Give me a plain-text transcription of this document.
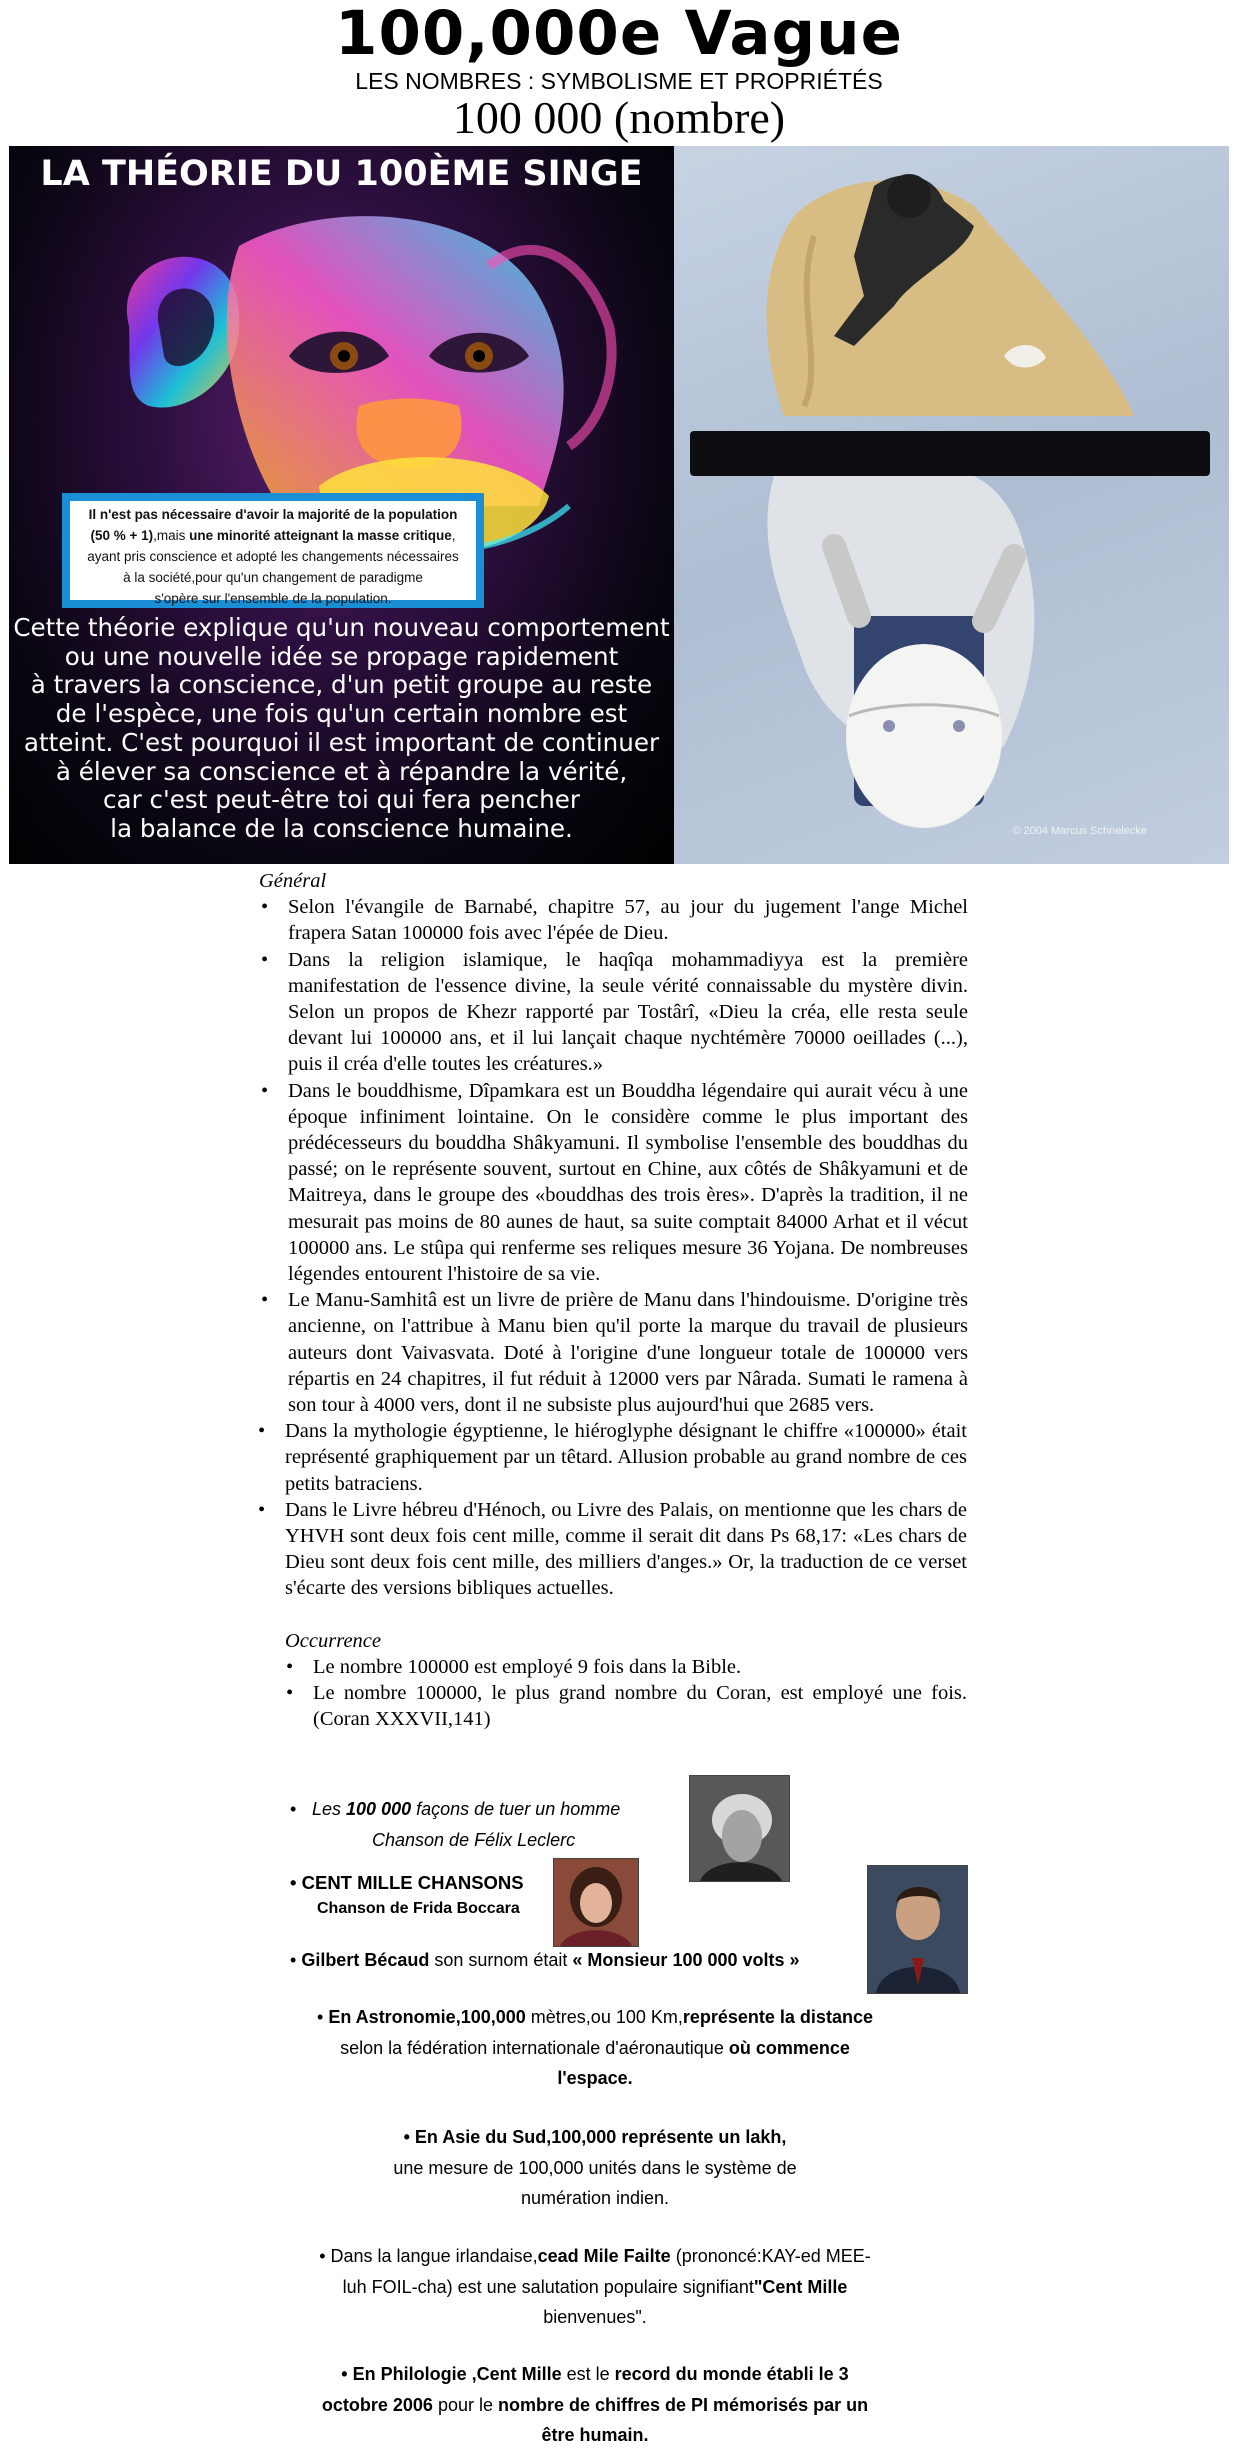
100,000e Vague
LES NOMBRES : SYMBOLISME ET PROPRIÉTÉS
100 000 (nombre)
LA THÉORIE DU 100ÈME SINGE
Il n'est pas nécessaire d'avoir la majorité de la population
(50 % + 1),mais une minorité atteignant la masse critique,
ayant pris conscience et adopté les changements nécessaires
à la société,pour qu'un changement de paradigme
s'opère sur l'ensemble de la population.
Cette théorie explique qu'un nouveau comportement
ou une nouvelle idée se propage rapidement
à travers la conscience, d'un petit groupe au reste
de l'espèce, une fois qu'un certain nombre est
atteint. C'est pourquoi il est important de continuer
à élever sa conscience et à répandre la vérité,
car c'est peut-être toi qui fera pencher
la balance de la conscience humaine.	© 2004 Marcus Schnelecke
Général
• Selon l'évangile de Barnabé, chapitre 57, au jour du jugement l'ange Michel frapera Satan 100000 fois avec l'épée de Dieu.
• Dans la religion islamique, le haqîqa mohammadiyya est la première manifestation de l'essence divine, la seule vérité connaissable du mystère divin. Selon un propos de Khezr rapporté par Tostârî, «Dieu la créa, elle resta seule devant lui 100000 ans, et il lui lançait chaque nychtémère 70000 oeillades (...), puis il créa d'elle toutes les créatures.»
• Dans le bouddhisme, Dîpamkara est un Bouddha légendaire qui aurait vécu à une époque infiniment lointaine. On le considère comme le plus important des prédécesseurs du bouddha Shâkyamuni. Il symbolise l'ensemble des bouddhas du passé; on le représente souvent, surtout en Chine, aux côtés de Shâkyamuni et de Maitreya, dans le groupe des «bouddhas des trois ères». D'après la tradition, il ne mesurait pas moins de 80 aunes de haut, sa suite comptait 84000 Arhat et il vécut 100000 ans. Le stûpa qui renferme ses reliques mesure 36 Yojana. De nombreuses légendes entourent l'histoire de sa vie.
• Le Manu-Samhitâ est un livre de prière de Manu dans l'hindouisme. D'origine très ancienne, on l'attribue à Manu bien qu'il porte la marque du travail de plusieurs auteurs dont Vaivasvata. Doté à l'origine d'une longueur totale de 100000 vers répartis en 24 chapitres, il fut réduit à 12000 vers par Nârada. Sumati le ramena à son tour à 4000 vers, dont il ne subsiste plus aujourd'hui que 2685 vers.
• Dans la mythologie égyptienne, le hiéroglyphe désignant le chiffre «100000» était représenté graphiquement par un têtard. Allusion probable au grand nombre de ces petits batraciens.
• Dans le Livre hébreu d'Hénoch, ou Livre des Palais, on mentionne que les chars de YHVH sont deux fois cent mille, comme il serait dit dans Ps 68,17: «Les chars de Dieu sont deux fois cent mille, des milliers d'anges.» Or, la traduction de ce verset s'écarte des versions bibliques actuelles.
Occurrence
• Le nombre 100000 est employé 9 fois dans la Bible.
• Le nombre 100000, le plus grand nombre du Coran, est employé une fois. (Coran XXXVII,141)
• Les 100 000 façons de tuer un homme
Chanson de Félix Leclerc
• CENT MILLE CHANSONS
Chanson de Frida Boccara
• Gilbert Bécaud son surnom était « Monsieur 100 000 volts »
• En Astronomie,100,000 mètres,ou 100 Km,représente la distance
selon la fédération internationale d'aéronautique où commence
l'espace.
• En Asie du Sud,100,000 représente un lakh,
une mesure de 100,000 unités dans le système de
numération indien.
• Dans la langue irlandaise,cead Mile Failte (prononcé:KAY-ed MEE-
luh FOIL-cha) est une salutation populaire signifiant"Cent Mille
bienvenues".
• En Philologie ,Cent Mille est le record du monde établi le 3
octobre 2006 pour le nombre de chiffres de PI mémorisés par un
être humain.
